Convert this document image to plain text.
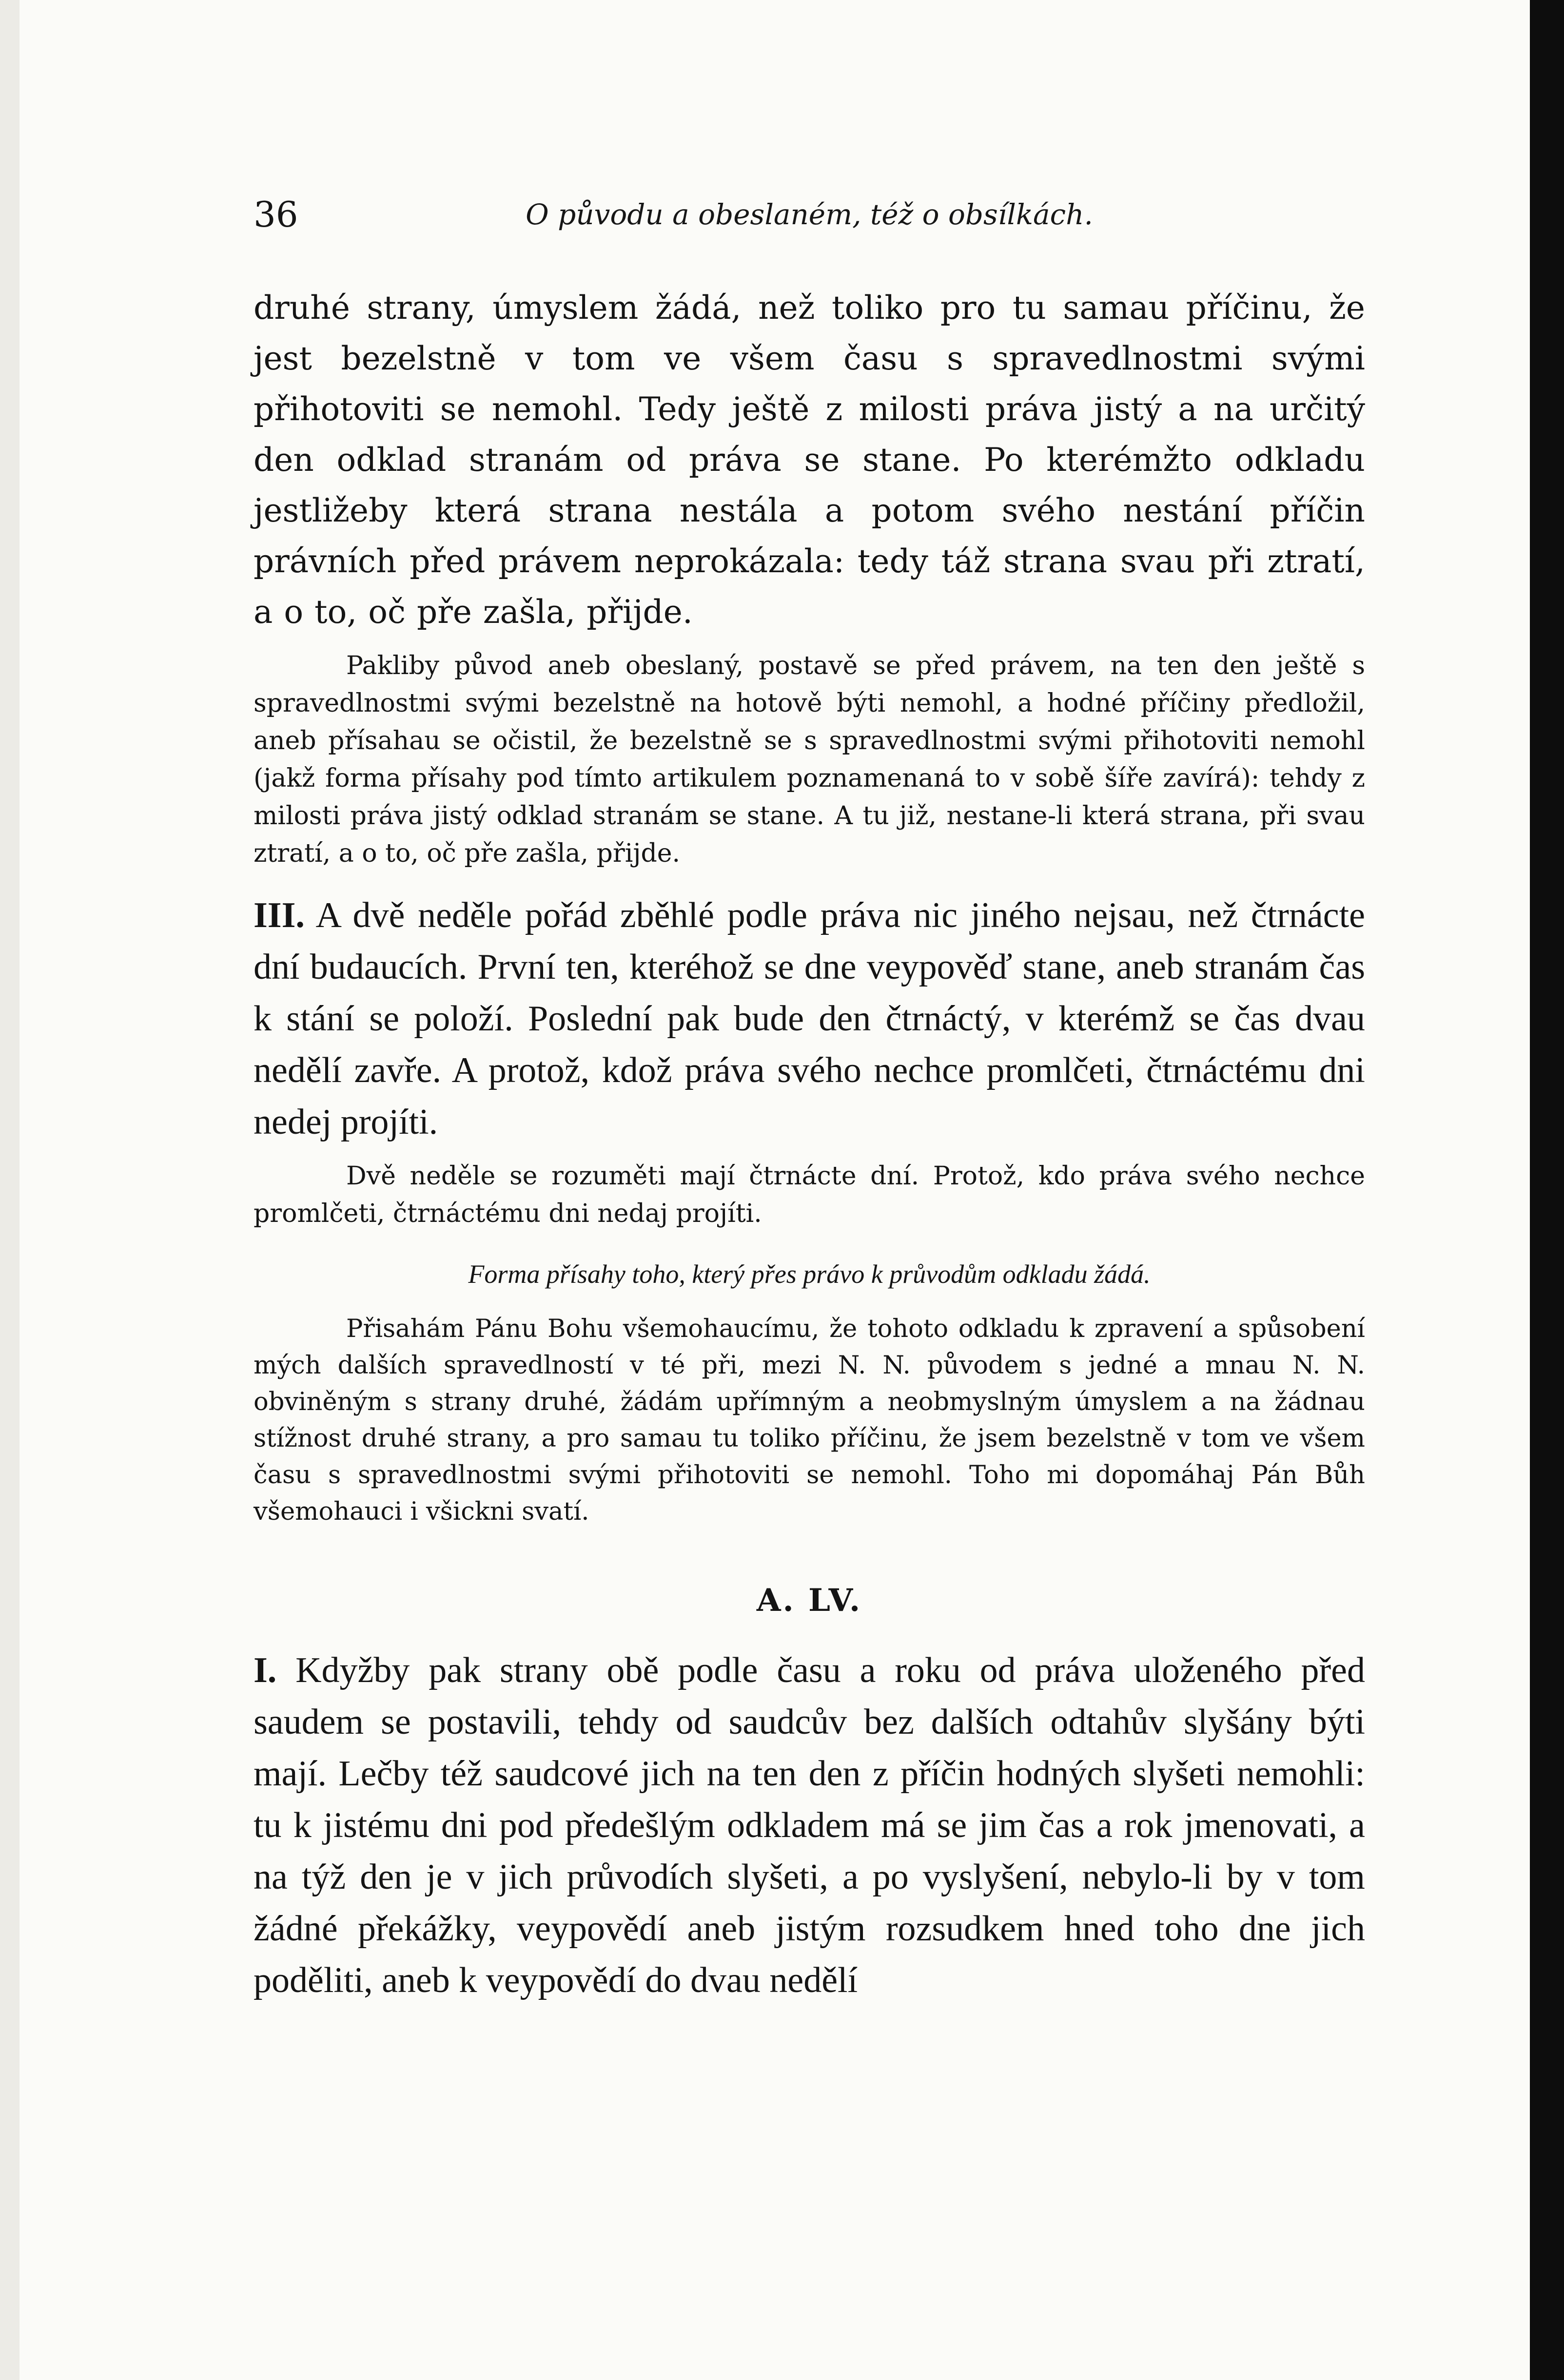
36	O původu a obeslaném, též o obsílkách.

druhé strany, úmyslem žádá, než toliko pro tu samau příčinu, že jest bezelstně v tom ve všem času s spravedlnostmi svými přihotoviti se nemohl. Tedy ještě z milosti práva jistý a na určitý den odklad stranám od práva se stane. Po kterémžto odkladu jestližeby která strana nestála a potom svého nestání příčin právních před právem neprokázala: tedy táž strana svau při ztratí, a o to, oč pře zašla, přijde.

Pakliby původ aneb obeslaný, postavě se před právem, na ten den ještě s spravedlnostmi svými bezelstně na hotově býti nemohl, a hodné příčiny předložil, aneb přísahau se očistil, že bezelstně se s spravedlnostmi svými přihotoviti nemohl (jakž forma přísahy pod tímto artikulem poznamenaná to v sobě šíře zavírá): tehdy z milosti práva jistý odklad stranám se stane. A tu již, nestane-li která strana, při svau ztratí, a o to, oč pře zašla, přijde.

III. A dvě neděle pořád zběhlé podle práva nic jiného nejsau, než čtrnácte dní budaucích. První ten, kteréhož se dne veypověď stane, aneb stranám čas k stání se položí. Poslední pak bude den čtrnáctý, v kterémž se čas dvau nedělí zavře. A protož, kdož práva svého nechce promlčeti, čtrnáctému dni nedej projíti.

Dvě neděle se rozuměti mají čtrnácte dní. Protož, kdo práva svého nechce promlčeti, čtrnáctému dni nedaj projíti.

Forma přísahy toho, který přes právo k průvodům odkladu žádá.

Přisahám Pánu Bohu všemohaucímu, že tohoto odkladu k zpravení a spůsobení mých dalších spravedlností v té při, mezi N. N. původem s jedné a mnau N. N. obviněným s strany druhé, žádám upřímným a neobmyslným úmyslem a na žádnau stížnost druhé strany, a pro samau tu toliko příčinu, že jsem bezelstně v tom ve všem času s spravedlnostmi svými přihotoviti se nemohl. Toho mi dopomáhaj Pán Bůh všemohauci i všickni svatí.

A. LV.

I. Kdyžby pak strany obě podle času a roku od práva uloženého před saudem se postavili, tehdy od saudcův bez dalších odtahův slyšány býti mají. Lečby též saudcové jich na ten den z příčin hodných slyšeti nemohli: tu k jistému dni pod předešlým odkladem má se jim čas a rok jmenovati, a na týž den je v jich průvodích slyšeti, a po vyslyšení, nebylo-li by v tom žádné překážky, veypovědí aneb jistým rozsudkem hned toho dne jich poděliti, aneb k veypovědí do dvau nedělí
